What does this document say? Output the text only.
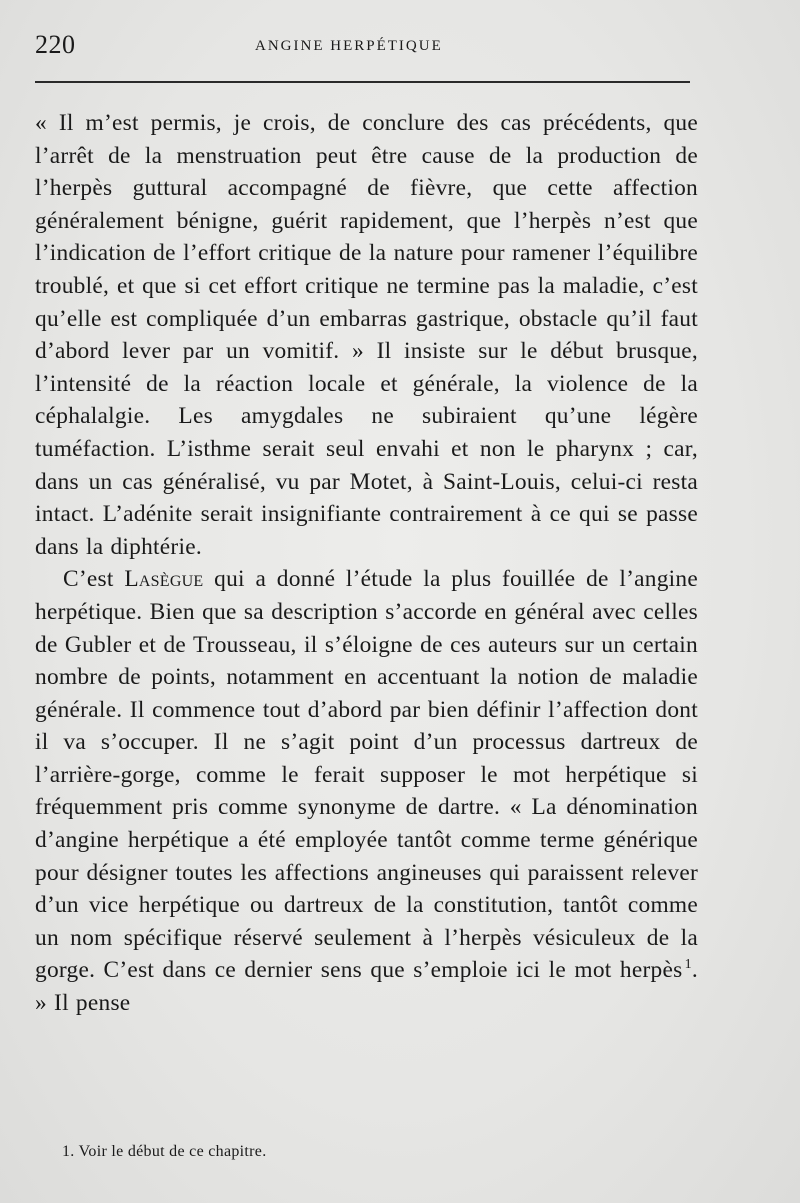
220	ANGINE HERPÉTIQUE

« Il m’est permis, je crois, de conclure des cas précédents, que l’arrêt de la menstruation peut être cause de la production de l’herpès guttural accompagné de fièvre, que cette affection généralement bénigne, guérit rapidement, que l’herpès n’est que l’indication de l’effort critique de la nature pour ramener l’équilibre troublé, et que si cet effort critique ne termine pas la maladie, c’est qu’elle est compliquée d’un embarras gastrique, obstacle qu’il faut d’abord lever par un vomitif. » Il insiste sur le début brusque, l’intensité de la réaction locale et générale, la violence de la céphalalgie. Les amygdales ne subiraient qu’une légère tuméfaction. L’isthme serait seul envahi et non le pharynx ; car, dans un cas généralisé, vu par Motet, à Saint-Louis, celui-ci resta intact. L’adénite serait insignifiante contrairement à ce qui se passe dans la diphtérie.

C’est Lasègue qui a donné l’étude la plus fouillée de l’angine herpétique. Bien que sa description s’accorde en général avec celles de Gubler et de Trousseau, il s’éloigne de ces auteurs sur un certain nombre de points, notamment en accentuant la notion de maladie générale. Il commence tout d’abord par bien définir l’affection dont il va s’occuper. Il ne s’agit point d’un processus dartreux de l’arrière-gorge, comme le ferait supposer le mot herpétique si fréquemment pris comme synonyme de dartre. « La dénomination d’angine herpétique a été employée tantôt comme terme générique pour désigner toutes les affections angineuses qui paraissent relever d’un vice herpétique ou dartreux de la constitution, tantôt comme un nom spécifique réservé seulement à l’herpès vésiculeux de la gorge. C’est dans ce dernier sens que s’emploie ici le mot herpès  $^1$. » Il pense

1. Voir le début de ce chapitre.
